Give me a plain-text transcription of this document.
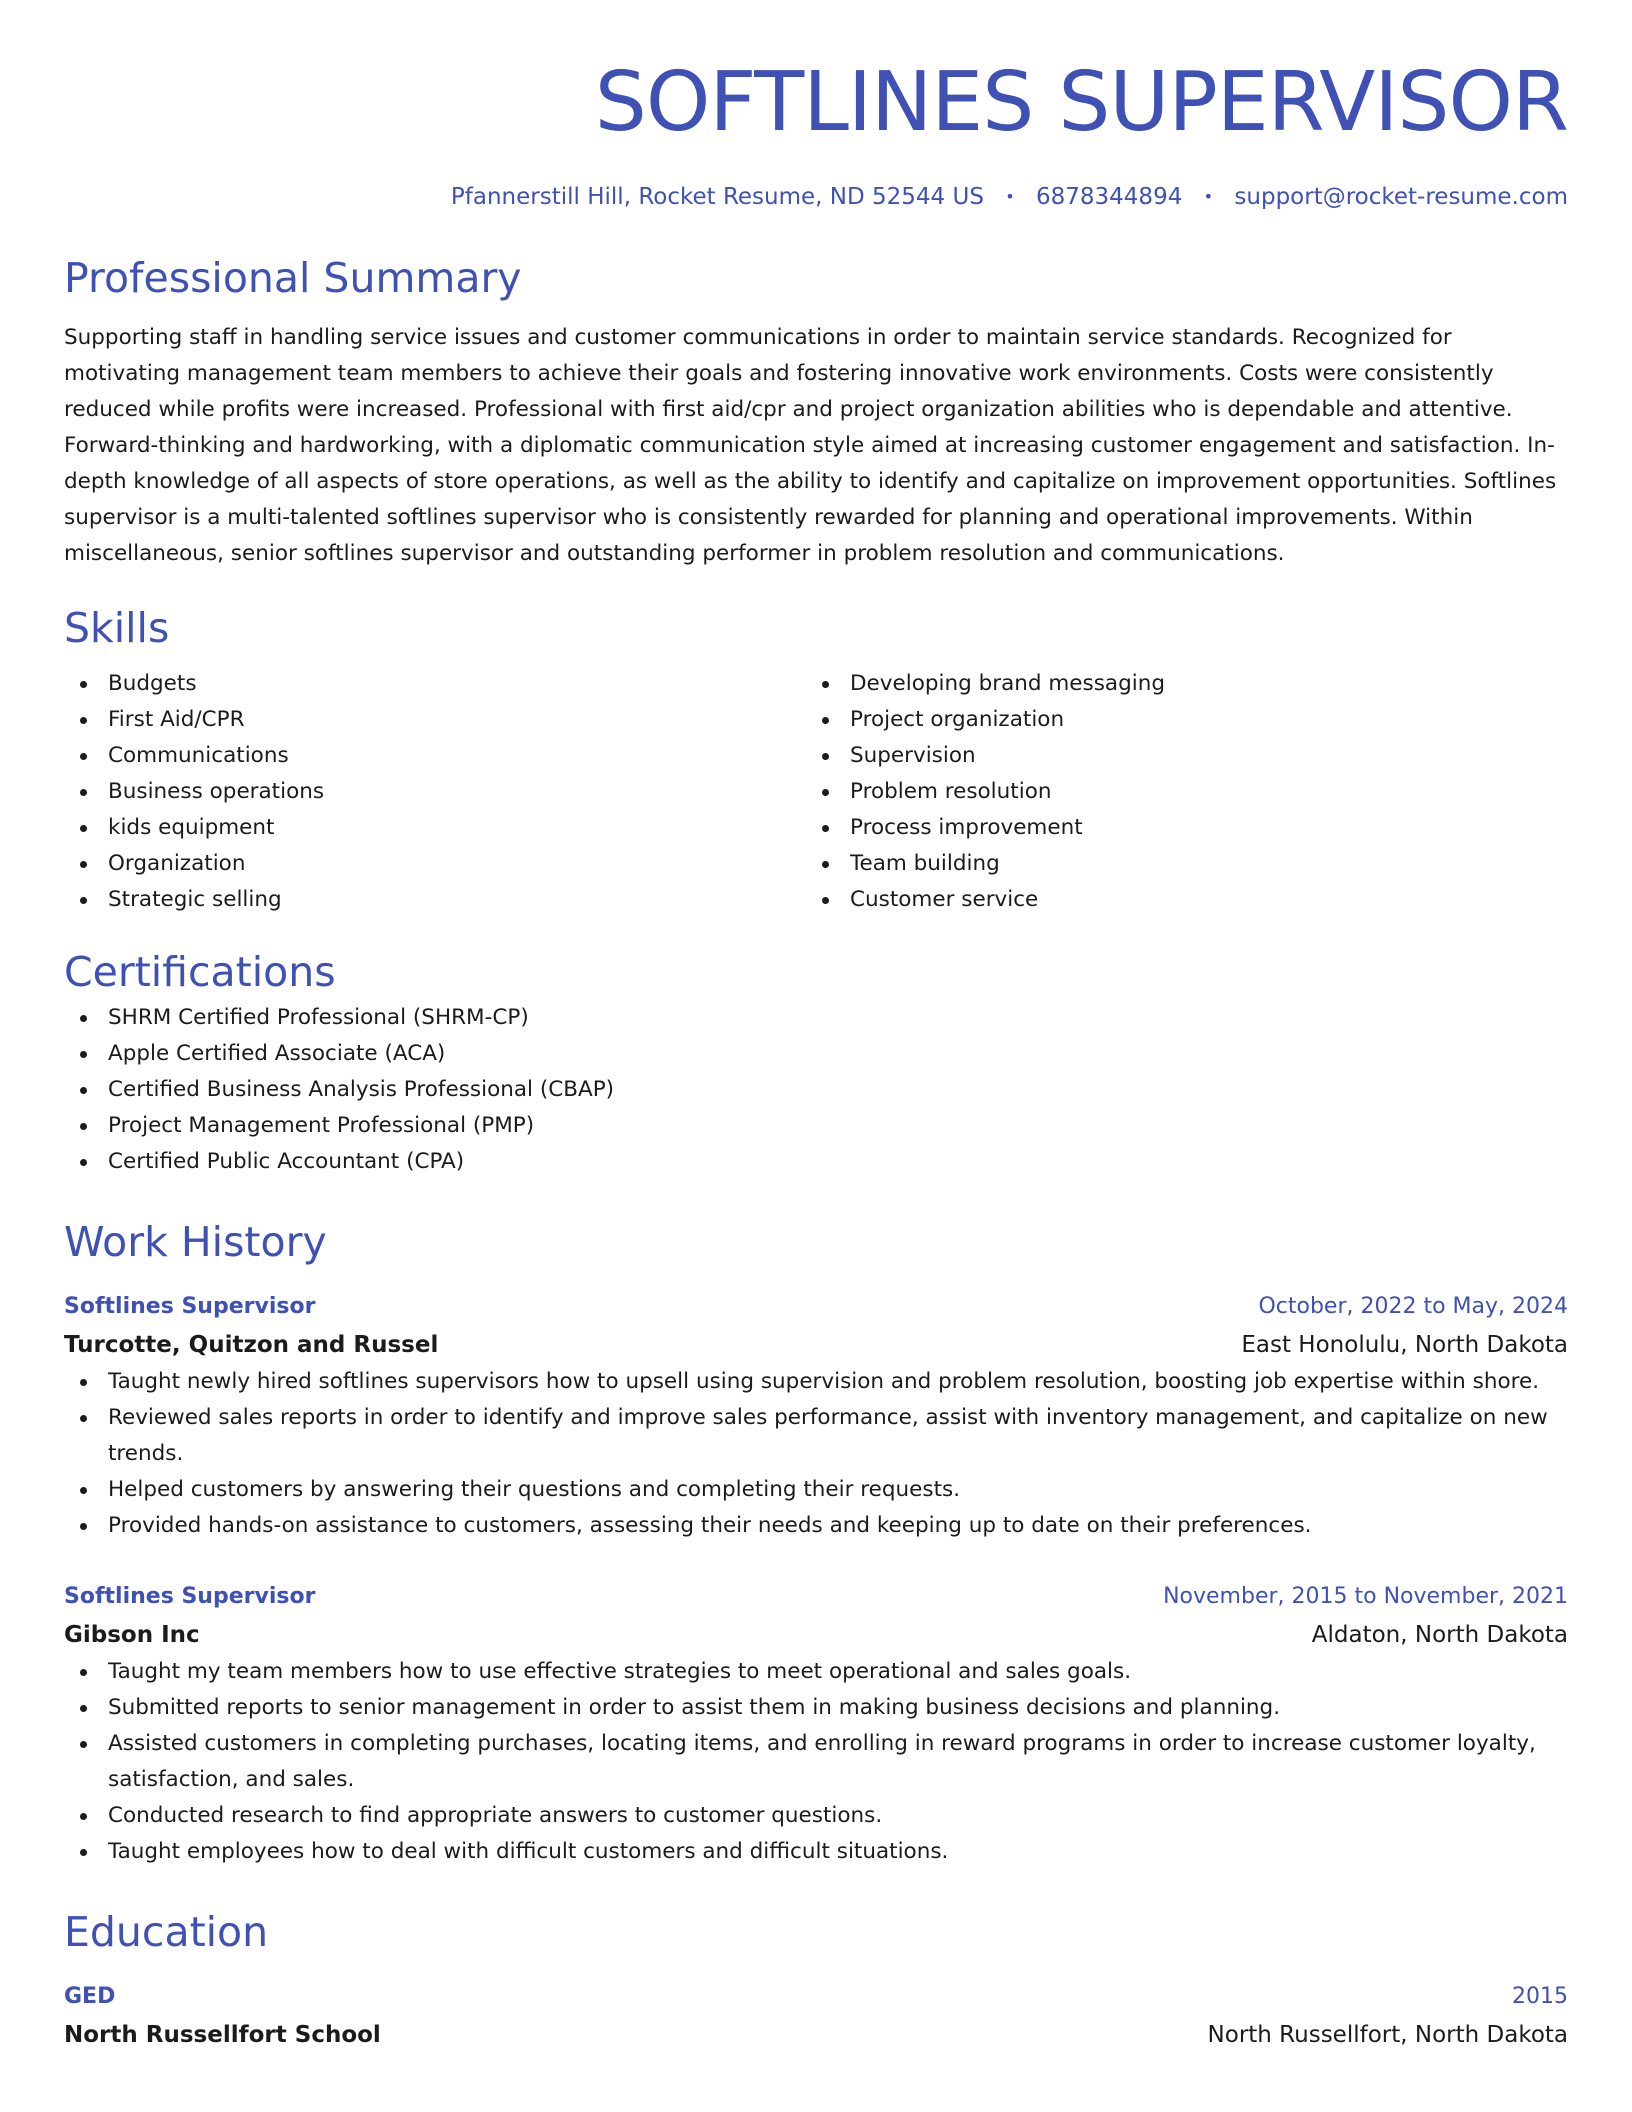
SOFTLINES SUPERVISOR
Pfannerstill Hill, Rocket Resume, ND 52544 US • 6878344894 • support@rocket-resume.com
Professional Summary

Supporting staff in handling service issues and customer communications in order to maintain service standards. Recognized for motivating management team members to achieve their goals and fostering innovative work environments. Costs were consistently reduced while profits were increased. Professional with first aid/cpr and project organization abilities who is dependable and attentive. Forward-thinking and hardworking, with a diplomatic communication style aimed at increasing customer engagement and satisfaction. In-depth knowledge of all aspects of store operations, as well as the ability to identify and capitalize on improvement opportunities. Softlines supervisor is a multi-talented softlines supervisor who is consistently rewarded for planning and operational improvements. Within miscellaneous, senior softlines supervisor and outstanding performer in problem resolution and communications.

Skills
Budgets
First Aid/CPR
Communications
Business operations
kids equipment
Organization
Strategic selling
Developing brand messaging
Project organization
Supervision
Problem resolution
Process improvement
Team building
Customer service
Certifications
SHRM Certified Professional (SHRM-CP)
Apple Certified Associate (ACA)
Certified Business Analysis Professional (CBAP)
Project Management Professional (PMP)
Certified Public Accountant (CPA)
Work History
Softlines Supervisor	October, 2022 to May, 2024
Turcotte, Quitzon and Russel	East Honolulu, North Dakota
Taught newly hired softlines supervisors how to upsell using supervision and problem resolution, boosting job expertise within shore.
Reviewed sales reports in order to identify and improve sales performance, assist with inventory management, and capitalize on new trends.
Helped customers by answering their questions and completing their requests.
Provided hands-on assistance to customers, assessing their needs and keeping up to date on their preferences.
Softlines Supervisor	November, 2015 to November, 2021
Gibson Inc	Aldaton, North Dakota
Taught my team members how to use effective strategies to meet operational and sales goals.
Submitted reports to senior management in order to assist them in making business decisions and planning.
Assisted customers in completing purchases, locating items, and enrolling in reward programs in order to increase customer loyalty, satisfaction, and sales.
Conducted research to find appropriate answers to customer questions.
Taught employees how to deal with difficult customers and difficult situations.
Education
GED	2015
North Russellfort School	North Russellfort, North Dakota
